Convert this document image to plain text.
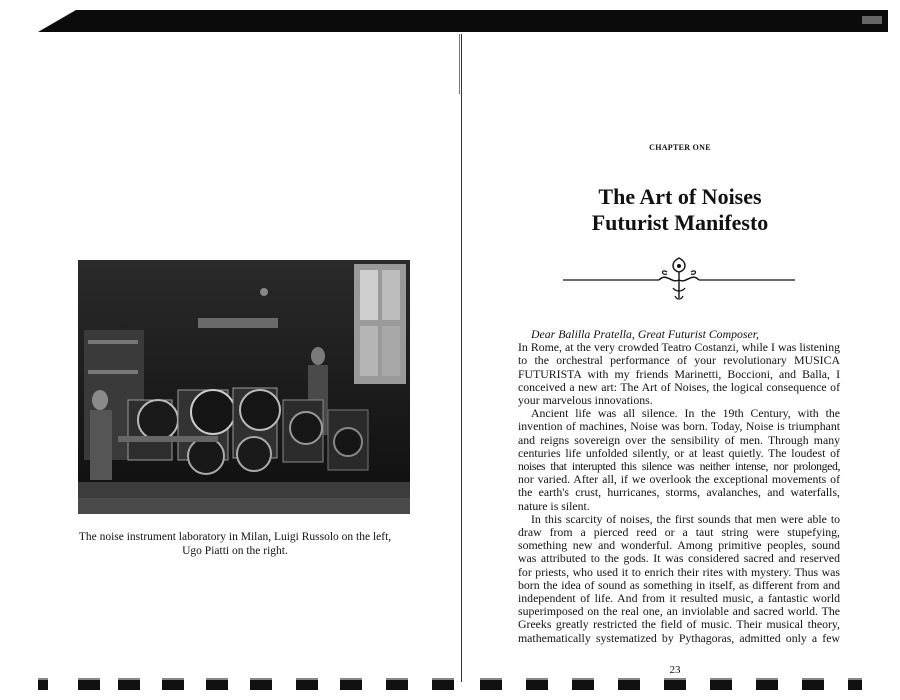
The noise instrument laboratory in Milan, Luigi Russolo on the left,
Ugo Piatti on the right.
CHAPTER ONE
The Art of Noises
Futurist Manifesto
Dear Balilla Pratella, Great Futurist Composer,
In Rome, at the very crowded Teatro Costanzi, while I was listening
to the orchestral performance of your revolutionary MUSICA
FUTURISTA with my friends Marinetti, Boccioni, and Balla, I
conceived a new art: The Art of Noises, the logical consequence of
your marvelous innovations.
Ancient life was all silence. In the 19th Century, with the
invention of machines, Noise was born. Today, Noise is triumphant
and reigns sovereign over the sensibility of men. Through many
centuries life unfolded silently, or at least quietly. The loudest of
noises that interupted this silence was neither intense, nor prolonged,
nor varied. After all, if we overlook the exceptional movements of
the earth's crust, hurricanes, storms, avalanches, and waterfalls,
nature is silent.
In this scarcity of noises, the first sounds that men were able to
draw from a pierced reed or a taut string were stupefying,
something new and wonderful. Among primitive peoples, sound
was attributed to the gods. It was considered sacred and reserved
for priests, who used it to enrich their rites with mystery. Thus was
born the idea of sound as something in itself, as different from and
independent of life. And from it resulted music, a fantastic world
superimposed on the real one, an inviolable and sacred world. The
Greeks greatly restricted the field of music. Their musical theory,
mathematically systematized by Pythagoras, admitted only a few
23
